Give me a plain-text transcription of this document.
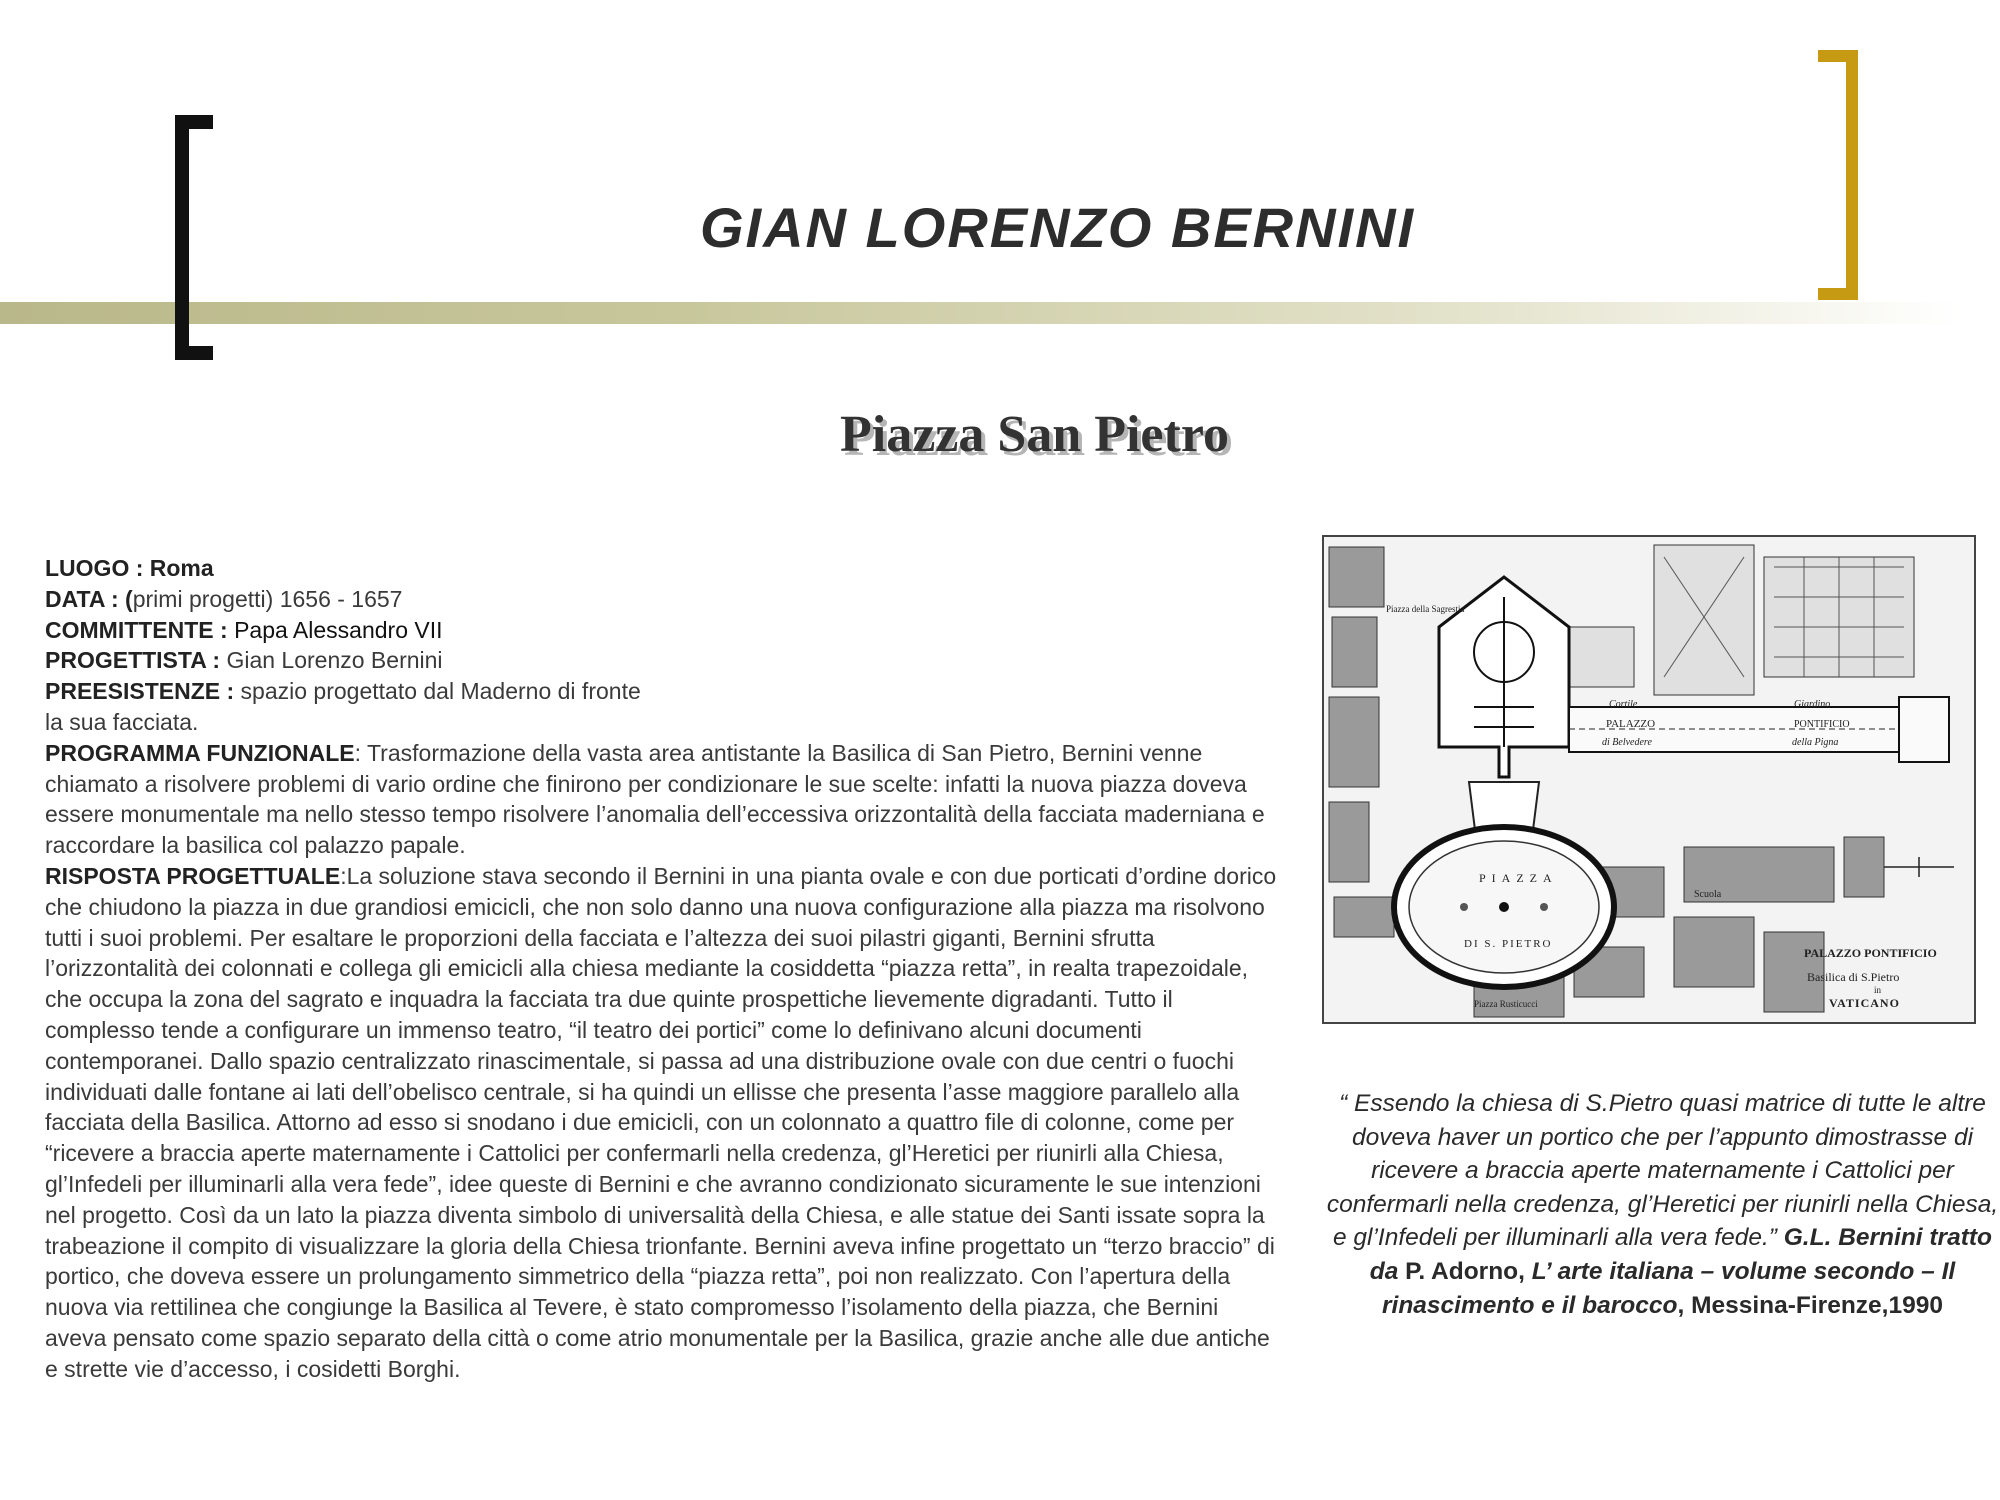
GIAN LORENZO BERNINI
Piazza San Pietro

LUOGO : Roma

DATA : (primi progetti) 1656 - 1657

COMMITTENTE : Papa Alessandro VII

PROGETTISTA : Gian Lorenzo Bernini

PREESISTENZE : spazio progettato dal Maderno di fronte la sua facciata.

PROGRAMMA FUNZIONALE: Trasformazione della vasta area antistante la Basilica di San Pietro, Bernini venne chiamato a risolvere problemi di vario ordine che finirono per condizionare le sue scelte: infatti la nuova piazza doveva essere monumentale ma nello stesso tempo risolvere l’anomalia dell’eccessiva orizzontalità della facciata maderniana e raccordare la basilica col palazzo papale.

RISPOSTA PROGETTUALE:La soluzione stava secondo il Bernini in una pianta ovale e con due porticati d’ordine dorico che chiudono la piazza in due grandiosi emicicli, che non solo danno una nuova configurazione alla piazza ma risolvono tutti i suoi problemi. Per esaltare le proporzioni della facciata e l’altezza dei suoi pilastri giganti, Bernini sfrutta l’orizzontalità dei colonnati e collega gli emicicli alla chiesa mediante la cosiddetta “piazza retta”, in realta trapezoidale, che occupa la zona del sagrato e inquadra la facciata tra due quinte prospettiche lievemente digradanti. Tutto il complesso tende a configurare un immenso teatro, “il teatro dei portici” come lo definivano alcuni documenti contemporanei. Dallo spazio centralizzato rinascimentale, si passa ad una distribuzione ovale con due centri o fuochi individuati dalle fontane ai lati dell’obelisco centrale, si ha quindi un ellisse che presenta l’asse maggiore parallelo alla facciata della Basilica. Attorno ad esso si snodano i due emicicli, con un colonnato a quattro file di colonne, come per “ricevere a braccia aperte maternamente i Cattolici per confermarli nella credenza, gl’Heretici per riunirli alla Chiesa, gl’Infedeli per illuminarli alla vera fede”, idee queste di Bernini e che avranno condizionato sicuramente le sue intenzioni nel progetto. Così da un lato la piazza diventa simbolo di universalità della Chiesa, e alle statue dei Santi issate sopra la trabeazione il compito di visualizzare la gloria della Chiesa trionfante. Bernini aveva infine progettato un “terzo braccio” di portico, che doveva essere un prolungamento simmetrico della “piazza retta”, poi non realizzato. Con l’apertura della nuova via rettilinea che congiunge la Basilica al Tevere, è stato compromesso l’isolamento della piazza, che Bernini aveva pensato come spazio separato della città o come atrio monumentale per la Basilica, grazie anche alle due antiche e strette vie d’accesso, i cosidetti Borghi.

PIAZZA
DI S. PIETRO
PALAZZO
Cortile
di Belvedere
PONTIFICIO
Giardino
della Pigna
Piazza della Sagrestia
Piazza Rusticucci
Scuola
PALAZZO PONTIFICIO
Basilica di S.Pietro
in
VATICANO
“ Essendo la chiesa di S.Pietro quasi matrice di tutte le altre doveva haver un portico che per l’appunto dimostrasse di ricevere a braccia aperte maternamente i Cattolici per confermarli nella credenza, gl’Heretici per riunirli nella Chiesa, e gl’Infedeli per illuminarli alla vera fede.” G.L. Bernini tratto da P. Adorno, L’ arte italiana – volume secondo – Il rinascimento e il barocco, Messina-Firenze,1990
